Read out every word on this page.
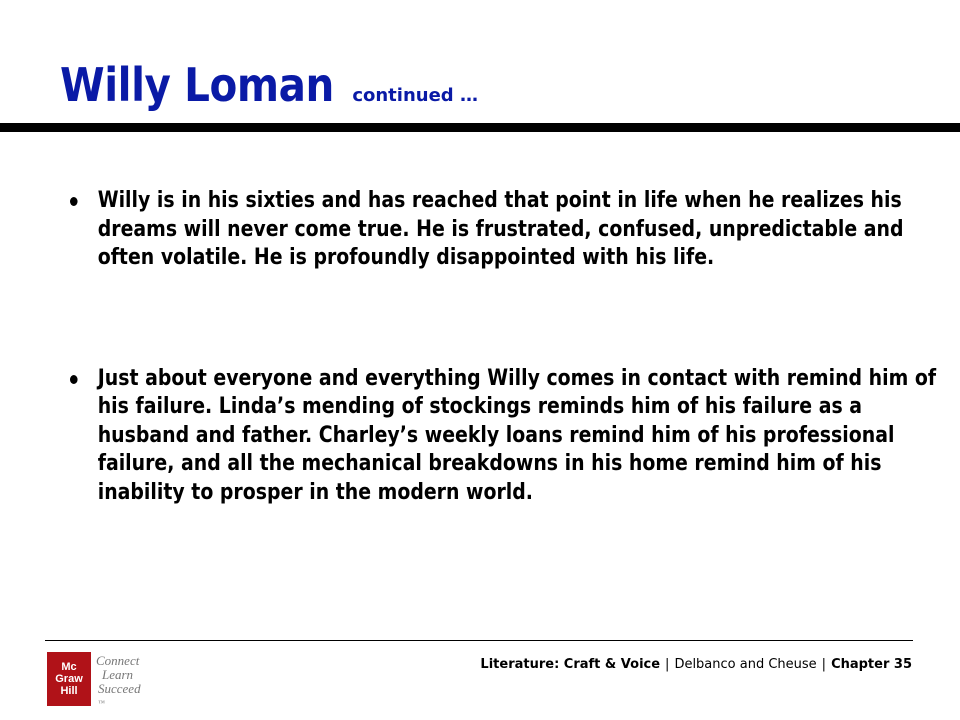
Willy Loman continued …
Willy is in his sixties and has reached that point in life when he realizes his dreams will never come true. He is frustrated, confused, unpredictable and often volatile. He is profoundly disappointed with his life.
Just about everyone and everything Willy comes in contact with remind him of his failure. Linda’s mending of stockings reminds him of his failure as a husband and father. Charley’s weekly loans remind him of his professional failure, and all the mechanical breakdowns in his home remind him of his inability to prosper in the modern world.
Mc
Graw
Hill
Connect
Learn
Succeed
™
Literature: Craft & Voice | Delbanco and Cheuse | Chapter 35
